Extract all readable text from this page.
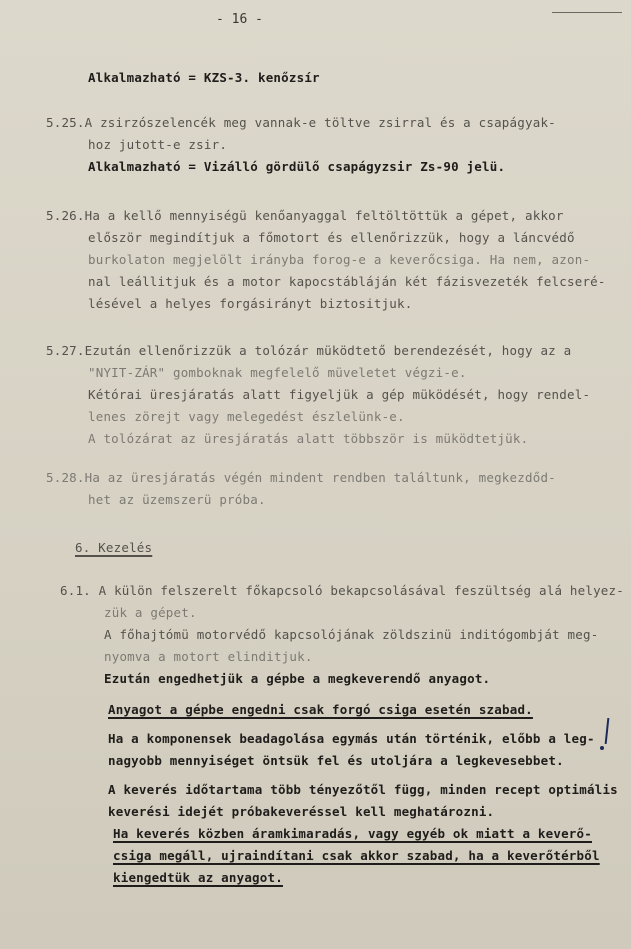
- 16 -
Alkalmazható = KZS-3. kenőzsír
5.25.A zsirzószelencék meg vannak-e töltve zsirral és a csapágyak-
hoz jutott-e zsir.
Alkalmazható = Vizálló gördülő csapágyzsir Zs-90 jelü.
5.26.Ha a kellő mennyiségü kenőanyaggal feltöltöttük a gépet, akkor
először megindítjuk a főmotort és ellenőrizzük, hogy a láncvédő
burkolaton megjelölt irányba forog-e a keverőcsiga. Ha nem, azon-
nal leállitjuk és a motor kapocstábláján két fázisvezeték felcseré-
lésével a helyes forgásirányt biztositjuk.
5.27.Ezután ellenőrizzük a tolózár müködtető berendezését, hogy az a
"NYIT-ZÁR" gomboknak megfelelő müveletet végzi-e.
Kétórai üresjáratás alatt figyeljük a gép müködését, hogy rendel-
lenes zörejt vagy melegedést észlelünk-e.
A tolózárat az üresjáratás alatt többször is müködtetjük.
5.28.Ha az üresjáratás végén mindent rendben találtunk, megkezdőd-
het az üzemszerü próba.
6. Kezelés
6.1. A külön felszerelt főkapcsoló bekapcsolásával feszültség alá helyez-
zük a gépet.
A főhajtómü motorvédő kapcsolójának zöldszinü inditógombját meg-
nyomva a motort elinditjuk.
Ezután engedhetjük a gépbe a megkeverendő anyagot.
Anyagot a gépbe engedni csak forgó csiga esetén szabad.
Ha a komponensek beadagolása egymás után történik, előbb a leg-
nagyobb mennyiséget öntsük fel és utoljára a legkevesebbet.
A keverés időtartama több tényezőtől függ, minden recept optimális
keverési idejét próbakeveréssel kell meghatározni.
Ha keverés közben áramkimaradás, vagy egyéb ok miatt a keverő-
csiga megáll, ujraindítani csak akkor szabad, ha a keverőtérből
kiengedtük az anyagot.
